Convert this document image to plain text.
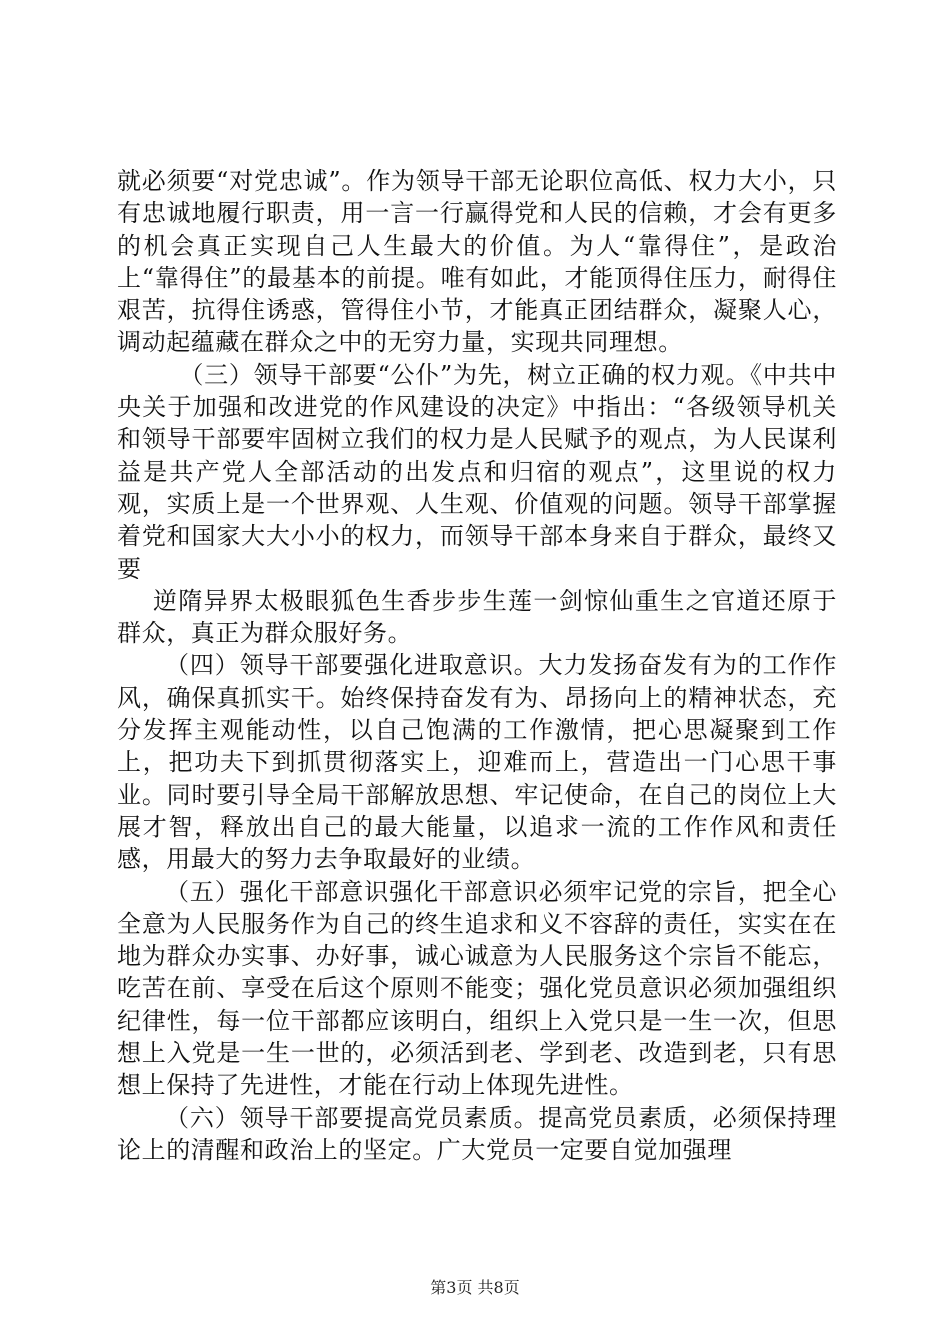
就必须要“对党忠诚”。作为领导干部无论职位高低、权力大小，只有忠诚地履行职责，用一言一行赢得党和人民的信赖，才会有更多的机会真正实现自己人生最大的价值。为人“靠得住”，是政治上“靠得住”的最基本的前提。唯有如此，才能顶得住压力，耐得住艰苦，抗得住诱惑，管得住小节，才能真正团结群众，凝聚人心，调动起蕴藏在群众之中的无穷力量，实现共同理想。

（三）领导干部要“公仆”为先，树立正确的权力观。《中共中央关于加强和改进党的作风建设的决定》中指出：“各级领导机关和领导干部要牢固树立我们的权力是人民赋予的观点，为人民谋利益是共产党人全部活动的出发点和归宿的观点”，这里说的权力观，实质上是一个世界观、人生观、价值观的问题。领导干部掌握着党和国家大大小小的权力，而领导干部本身来自于群众，最终又要

逆隋异界太极眼狐色生香步步生莲一剑惊仙重生之官道还原于群众，真正为群众服好务。

（四）领导干部要强化进取意识。大力发扬奋发有为的工作作风，确保真抓实干。始终保持奋发有为、昂扬向上的精神状态，充分发挥主观能动性，以自己饱满的工作激情，把心思凝聚到工作上，把功夫下到抓贯彻落实上，迎难而上，营造出一门心思干事业。同时要引导全局干部解放思想、牢记使命，在自己的岗位上大展才智，释放出自己的最大能量，以追求一流的工作作风和责任感，用最大的努力去争取最好的业绩。

（五）强化干部意识强化干部意识必须牢记党的宗旨，把全心全意为人民服务作为自己的终生追求和义不容辞的责任，实实在在地为群众办实事、办好事，诚心诚意为人民服务这个宗旨不能忘，吃苦在前、享受在后这个原则不能变；强化党员意识必须加强组织纪律性，每一位干部都应该明白，组织上入党只是一生一次，但思想上入党是一生一世的，必须活到老、学到老、改造到老，只有思想上保持了先进性，才能在行动上体现先进性。

（六）领导干部要提高党员素质。提高党员素质，必须保持理论上的清醒和政治上的坚定。广大党员一定要自觉加强理

第3页 共8页
